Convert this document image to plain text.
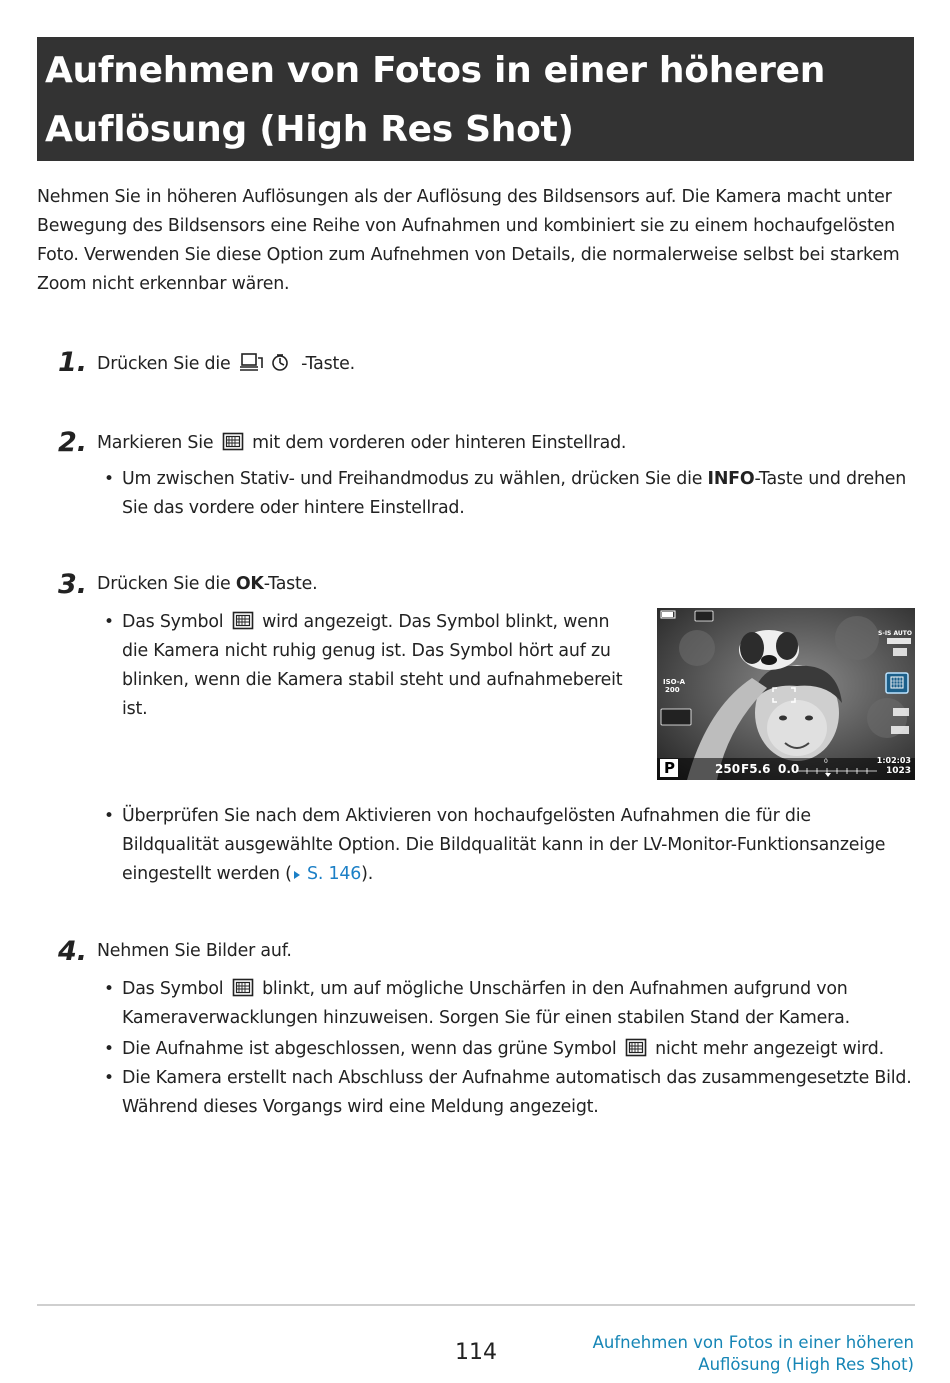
Aufnehmen von Fotos in einer höheren Auflösung (High Res Shot)

Nehmen Sie in höheren Auflösungen als der Auflösung des Bildsensors auf. Die Kamera macht unter Bewegung des Bildsensors eine Reihe von Aufnahmen und kombiniert sie zu einem hochaufgelösten Foto. Verwenden Sie diese Option zum Aufnehmen von Details, die normalerweise selbst bei starkem Zoom nicht erkennbar wären.

1. Drücken Sie die	-Taste.
2. Markieren Sie mit dem vorderen oder hinteren Einstellrad.
• Um zwischen Stativ- und Freihandmodus zu wählen, drücken Sie die INFO-Taste und drehen Sie das vordere oder hintere Einstellrad.
3. Drücken Sie die OK-Taste.
• Das Symbol wird angezeigt. Das Symbol blinkt, wenn die Kamera nicht ruhig genug ist. Das Symbol hört auf zu blinken, wenn die Kamera stabil steht und aufnahmebereit ist.
P	250 F5.6 0.0
0	1:02:03
1023
ISO-A
200
S-IS AUTO
• Überprüfen Sie nach dem Aktivieren von hochaufgelösten Aufnahmen die für die Bildqualität ausgewählte Option. Die Bildqualität kann in der LV-Monitor-Funktionsanzeige eingestellt werden ( S. 146).
4. Nehmen Sie Bilder auf.
• Das Symbol blinkt, um auf mögliche Unschärfen in den Aufnahmen aufgrund von Kameraverwacklungen hinzuweisen. Sorgen Sie für einen stabilen Stand der Kamera.
• Die Aufnahme ist abgeschlossen, wenn das grüne Symbol nicht mehr angezeigt wird.
• Die Kamera erstellt nach Abschluss der Aufnahme automatisch das zusammengesetzte Bild. Während dieses Vorgangs wird eine Meldung angezeigt.
114	Aufnehmen von Fotos in einer höheren Auflösung (High Res Shot)
